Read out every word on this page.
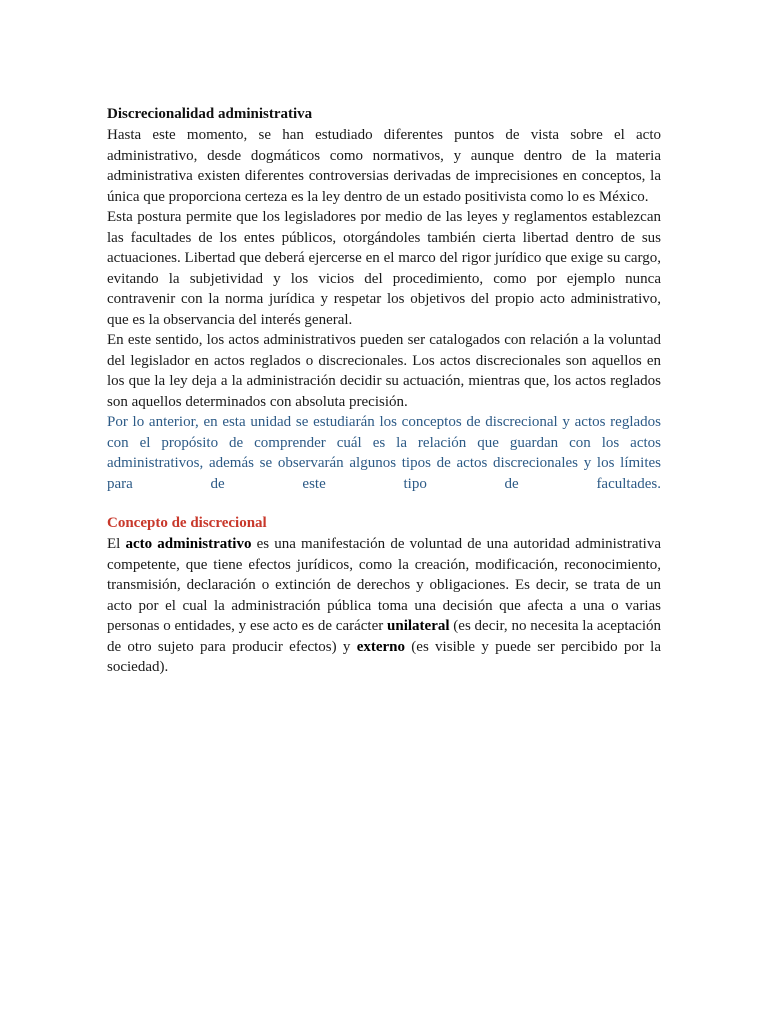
Discrecionalidad administrativa

Hasta este momento, se han estudiado diferentes puntos de vista sobre el acto administrativo, desde dogmáticos como normativos, y aunque dentro de la materia administrativa existen diferentes controversias derivadas de imprecisiones en conceptos, la única que proporciona certeza es la ley dentro de un estado positivista como lo es México.

Esta postura permite que los legisladores por medio de las leyes y reglamentos establezcan las facultades de los entes públicos, otorgándoles también cierta libertad dentro de sus actuaciones. Libertad que deberá ejercerse en el marco del rigor jurídico que exige su cargo, evitando la subjetividad y los vicios del procedimiento, como por ejemplo nunca contravenir con la norma jurídica y respetar los objetivos del propio acto administrativo, que es la observancia del interés general.

En este sentido, los actos administrativos pueden ser catalogados con relación a la voluntad del legislador en actos reglados o discrecionales. Los actos discrecionales son aquellos en los que la ley deja a la administración decidir su actuación, mientras que, los actos reglados son aquellos determinados con absoluta precisión.

Por lo anterior, en esta unidad se estudiarán los conceptos de discrecional y actos reglados con el propósito de comprender cuál es la relación que guardan con los actos administrativos, además se observarán algunos tipos de actos discrecionales y los límites para de este tipo de facultades.

Concepto de discrecional

El acto administrativo es una manifestación de voluntad de una autoridad administrativa competente, que tiene efectos jurídicos, como la creación, modificación, reconocimiento, transmisión, declaración o extinción de derechos y obligaciones. Es decir, se trata de un acto por el cual la administración pública toma una decisión que afecta a una o varias personas o entidades, y ese acto es de carácter unilateral (es decir, no necesita la aceptación de otro sujeto para producir efectos) y externo (es visible y puede ser percibido por la sociedad).
